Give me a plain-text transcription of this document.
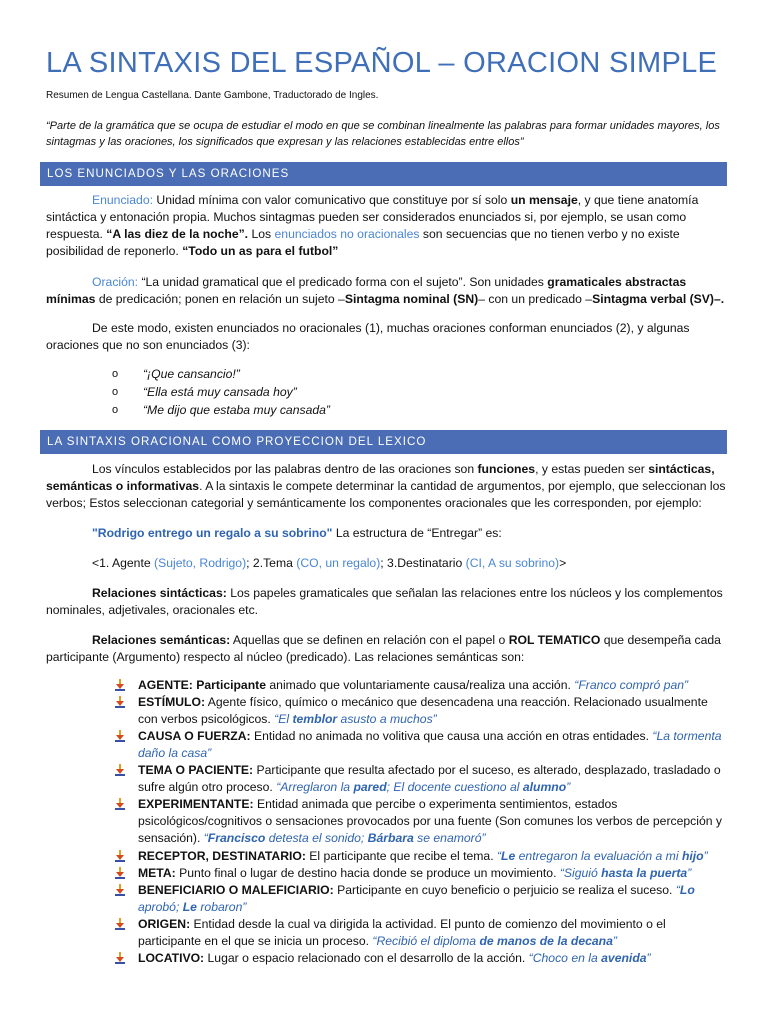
LA SINTAXIS DEL ESPAÑOL – ORACION SIMPLE
Resumen de Lengua Castellana. Dante Gambone, Traductorado de Ingles.
“Parte de la gramática que se ocupa de estudiar el modo en que se combinan linealmente las palabras para formar unidades mayores, los sintagmas y las oraciones, los significados que expresan y las relaciones establecidas entre ellos”
LOS ENUNCIADOS Y LAS ORACIONES

Enunciado: Unidad mínima con valor comunicativo que constituye por sí solo un mensaje, y que tiene anatomía sintáctica y entonación propia. Muchos sintagmas pueden ser considerados enunciados si, por ejemplo, se usan como respuesta. “A las diez de la noche”. Los enunciados no oracionales son secuencias que no tienen verbo y no existe posibilidad de reponerlo. “Todo un as para el futbol”

Oración: “La unidad gramatical que el predicado forma con el sujeto”. Son unidades gramaticales abstractas mínimas de predicación; ponen en relación un sujeto –Sintagma nominal (SN)– con un predicado –Sintagma verbal (SV)–.

De este modo, existen enunciados no oracionales (1), muchas oraciones conforman enunciados (2), y algunas oraciones que no son enunciados (3):

o “¡Que cansancio!”
o “Ella está muy cansada hoy”
o “Me dijo que estaba muy cansada”
LA SINTAXIS ORACIONAL COMO PROYECCION DEL LEXICO

Los vínculos establecidos por las palabras dentro de las oraciones son funciones, y estas pueden ser sintácticas, semánticas o informativas. A la sintaxis le compete determinar la cantidad de argumentos, por ejemplo, que seleccionan los verbos; Estos seleccionan categorial y semánticamente los componentes oracionales que les corresponden, por ejemplo:

"Rodrigo entrego un regalo a su sobrino" La estructura de “Entregar” es:

<1. Agente (Sujeto, Rodrigo); 2.Tema (CO, un regalo); 3.Destinatario (CI, A su sobrino)>

Relaciones sintácticas: Los papeles gramaticales que señalan las relaciones entre los núcleos y los complementos nominales, adjetivales, oracionales etc.

Relaciones semánticas: Aquellas que se definen en relación con el papel o ROL TEMATICO que desempeña cada participante (Argumento) respecto al núcleo (predicado). Las relaciones semánticas son:

AGENTE: Participante animado que voluntariamente causa/realiza una acción. “Franco compró pan”
ESTÍMULO: Agente físico, químico o mecánico que desencadena una reacción. Relacionado usualmente con verbos psicológicos. “El temblor asusto a muchos”
CAUSA O FUERZA: Entidad no animada no volitiva que causa una acción en otras entidades. “La tormenta daño la casa”
TEMA O PACIENTE: Participante que resulta afectado por el suceso, es alterado, desplazado, trasladado o sufre algún otro proceso. “Arreglaron la pared; El docente cuestiono al alumno”
EXPERIMENTANTE: Entidad animada que percibe o experimenta sentimientos, estados psicológicos/cognitivos o sensaciones provocados por una fuente (Son comunes los verbos de percepción y sensación). “Francisco detesta el sonido; Bárbara se enamoró”
RECEPTOR, DESTINATARIO: El participante que recibe el tema. “Le entregaron la evaluación a mi hijo”
META: Punto final o lugar de destino hacia donde se produce un movimiento. “Siguió hasta la puerta”
BENEFICIARIO O MALEFICIARIO: Participante en cuyo beneficio o perjuicio se realiza el suceso. “Lo aprobó; Le robaron”
ORIGEN: Entidad desde la cual va dirigida la actividad. El punto de comienzo del movimiento o el participante en el que se inicia un proceso. “Recibió el diploma de manos de la decana”
LOCATIVO: Lugar o espacio relacionado con el desarrollo de la acción. “Choco en la avenida”
